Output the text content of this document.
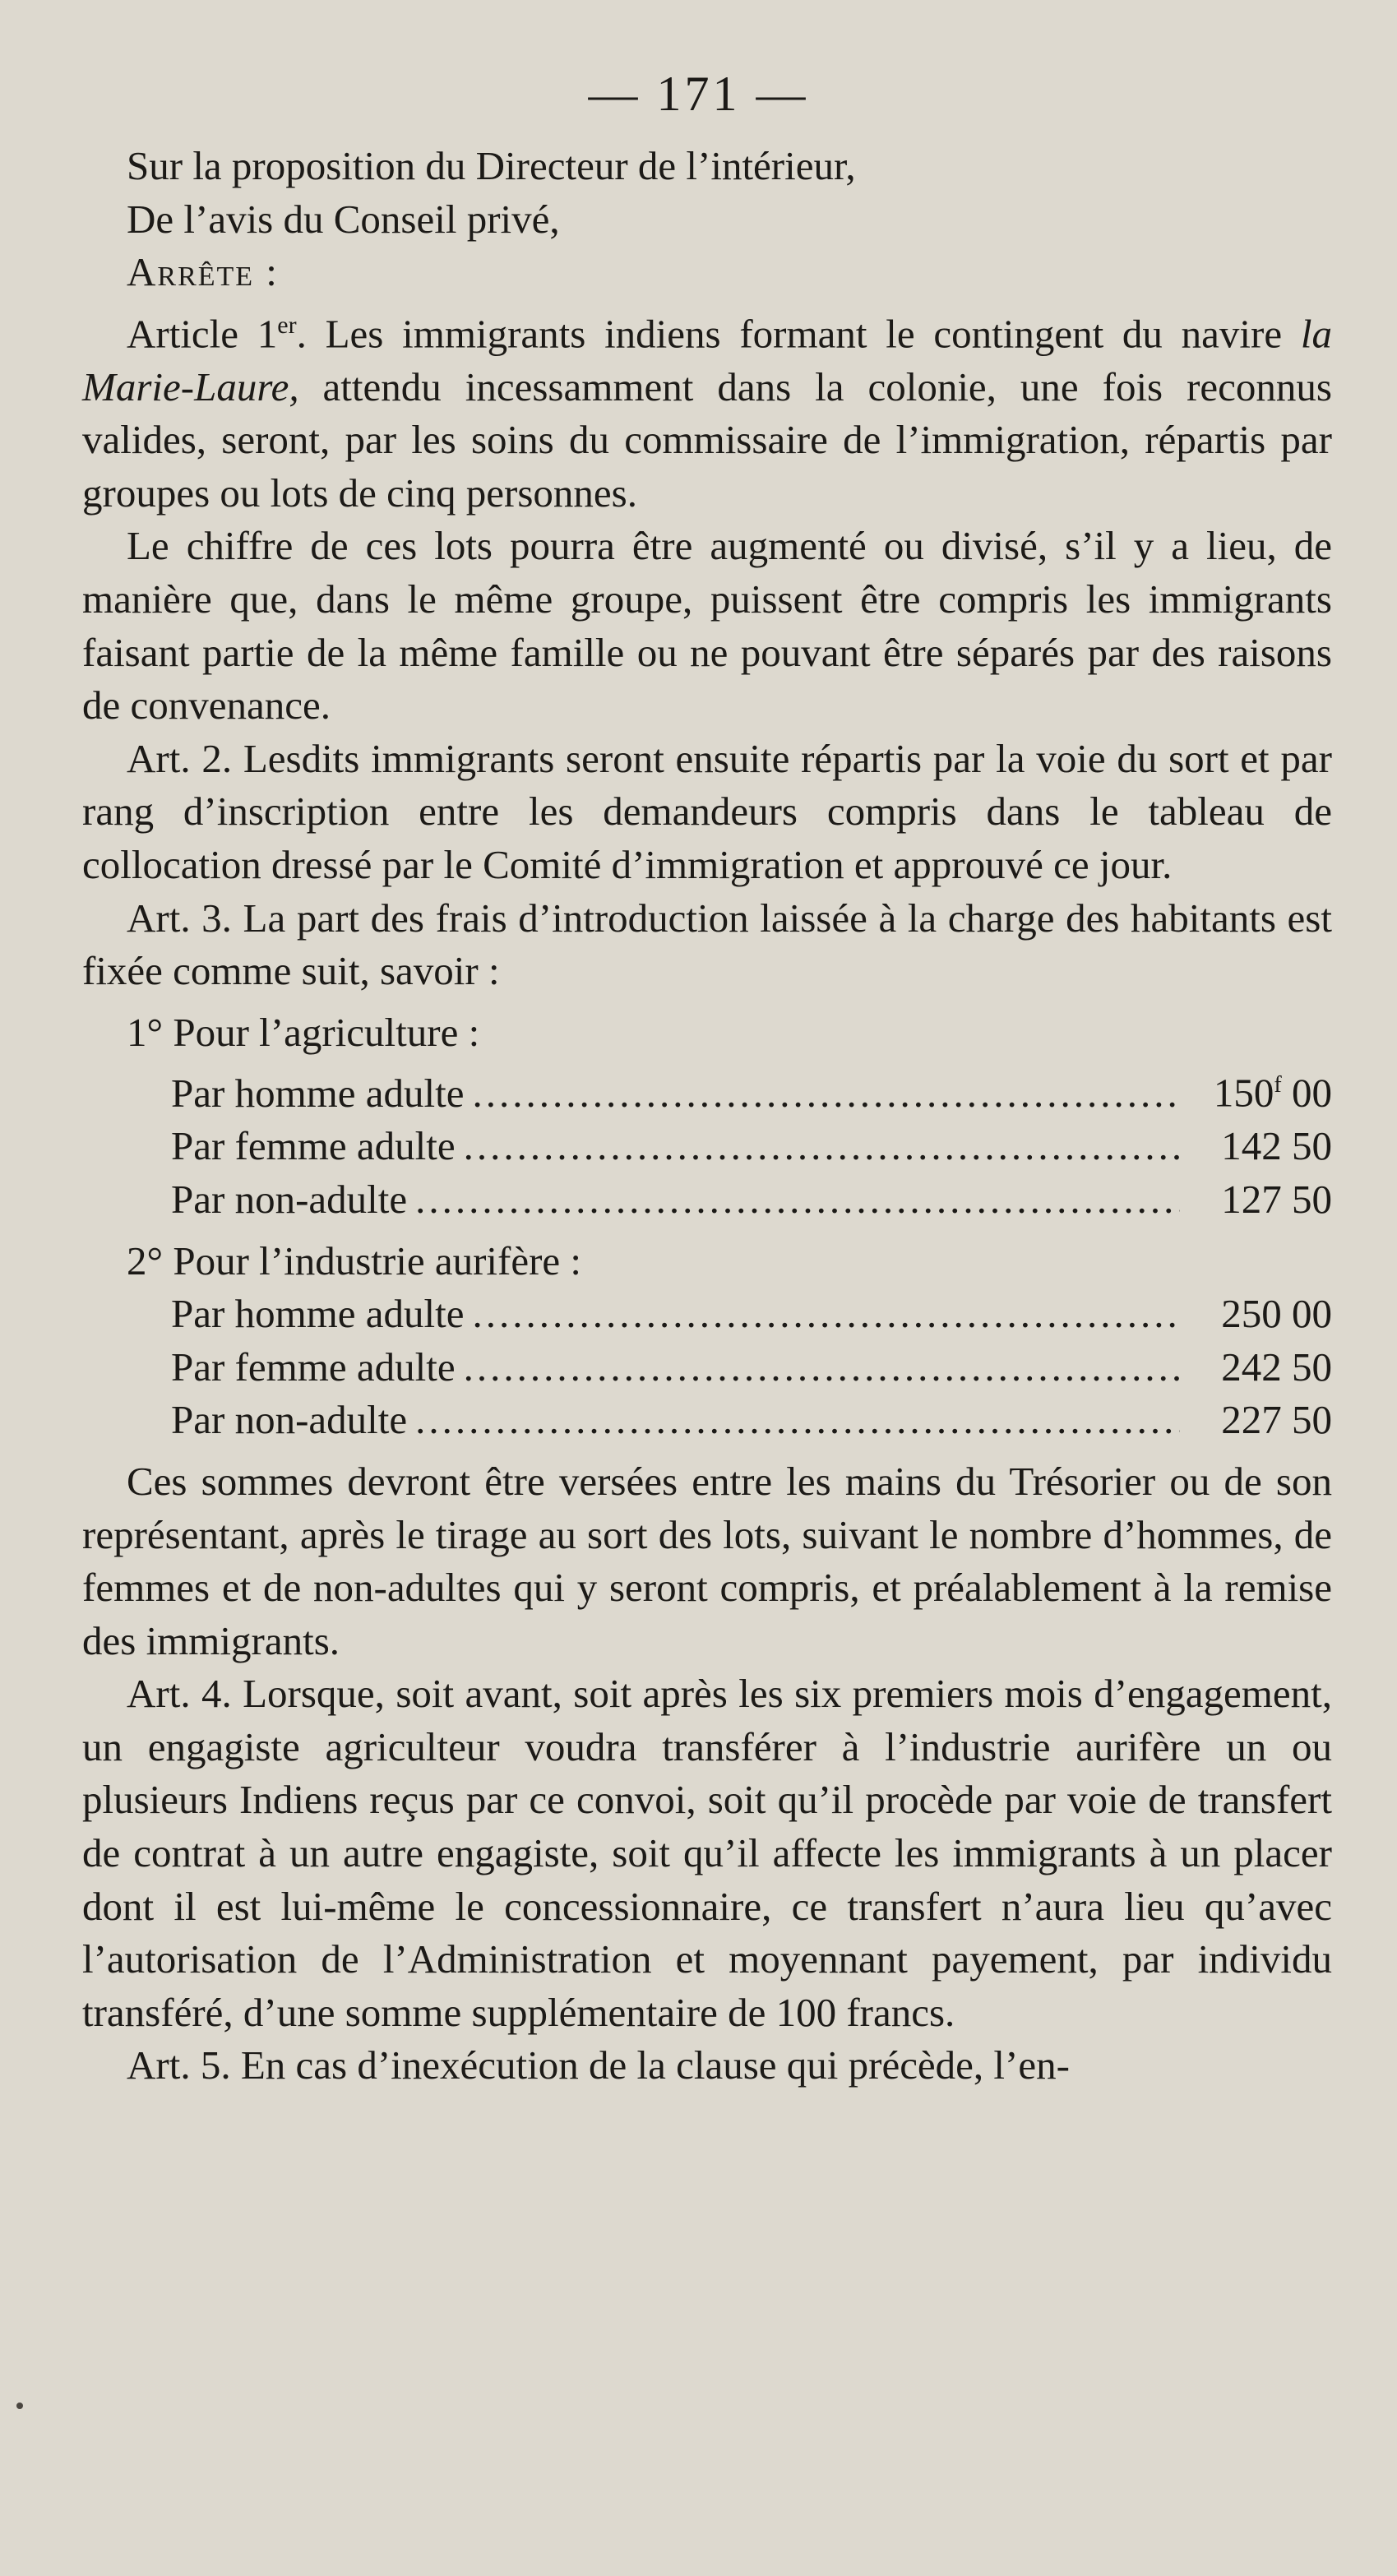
— 171 —

Sur la proposition du Directeur de l’intérieur,

De l’avis du Conseil privé,

Arrête :

Article 1er. Les immigrants indiens formant le contingent du navire la Marie-Laure, attendu incessamment dans la colonie, une fois reconnus valides, seront, par les soins du commissaire de l’immigration, répartis par groupes ou lots de cinq personnes.

Le chiffre de ces lots pourra être augmenté ou divisé, s’il y a lieu, de manière que, dans le même groupe, puissent être compris les immigrants faisant partie de la même famille ou ne pouvant être séparés par des raisons de convenance.

Art. 2. Lesdits immigrants seront ensuite répartis par la voie du sort et par rang d’inscription entre les demandeurs compris dans le tableau de collocation dressé par le Comité d’immigration et approuvé ce jour.

Art. 3. La part des frais d’introduction laissée à la charge des habitants est fixée comme suit, savoir :

1° Pour l’agriculture :

Par homme adulte .....	150$^f$ 00
Par femme adulte .....	142 50
Par non-adulte .....	127 50

2° Pour l’industrie aurifère :

Par homme adulte .....	250 00
Par femme adulte .....	242 50
Par non-adulte .....	227 50

Ces sommes devront être versées entre les mains du Trésorier ou de son représentant, après le tirage au sort des lots, suivant le nombre d’hommes, de femmes et de non-adultes qui y seront compris, et préalablement à la remise des immigrants.

Art. 4. Lorsque, soit avant, soit après les six premiers mois d’engagement, un engagiste agriculteur voudra transférer à l’industrie aurifère un ou plusieurs Indiens reçus par ce convoi, soit qu’il procède par voie de transfert de contrat à un autre engagiste, soit qu’il affecte les immigrants à un placer dont il est lui-même le concessionnaire, ce transfert n’aura lieu qu’avec l’autorisation de l’Administration et moyennant payement, par individu transféré, d’une somme supplémentaire de 100 francs.

Art. 5. En cas d’inexécution de la clause qui précède, l’en-
